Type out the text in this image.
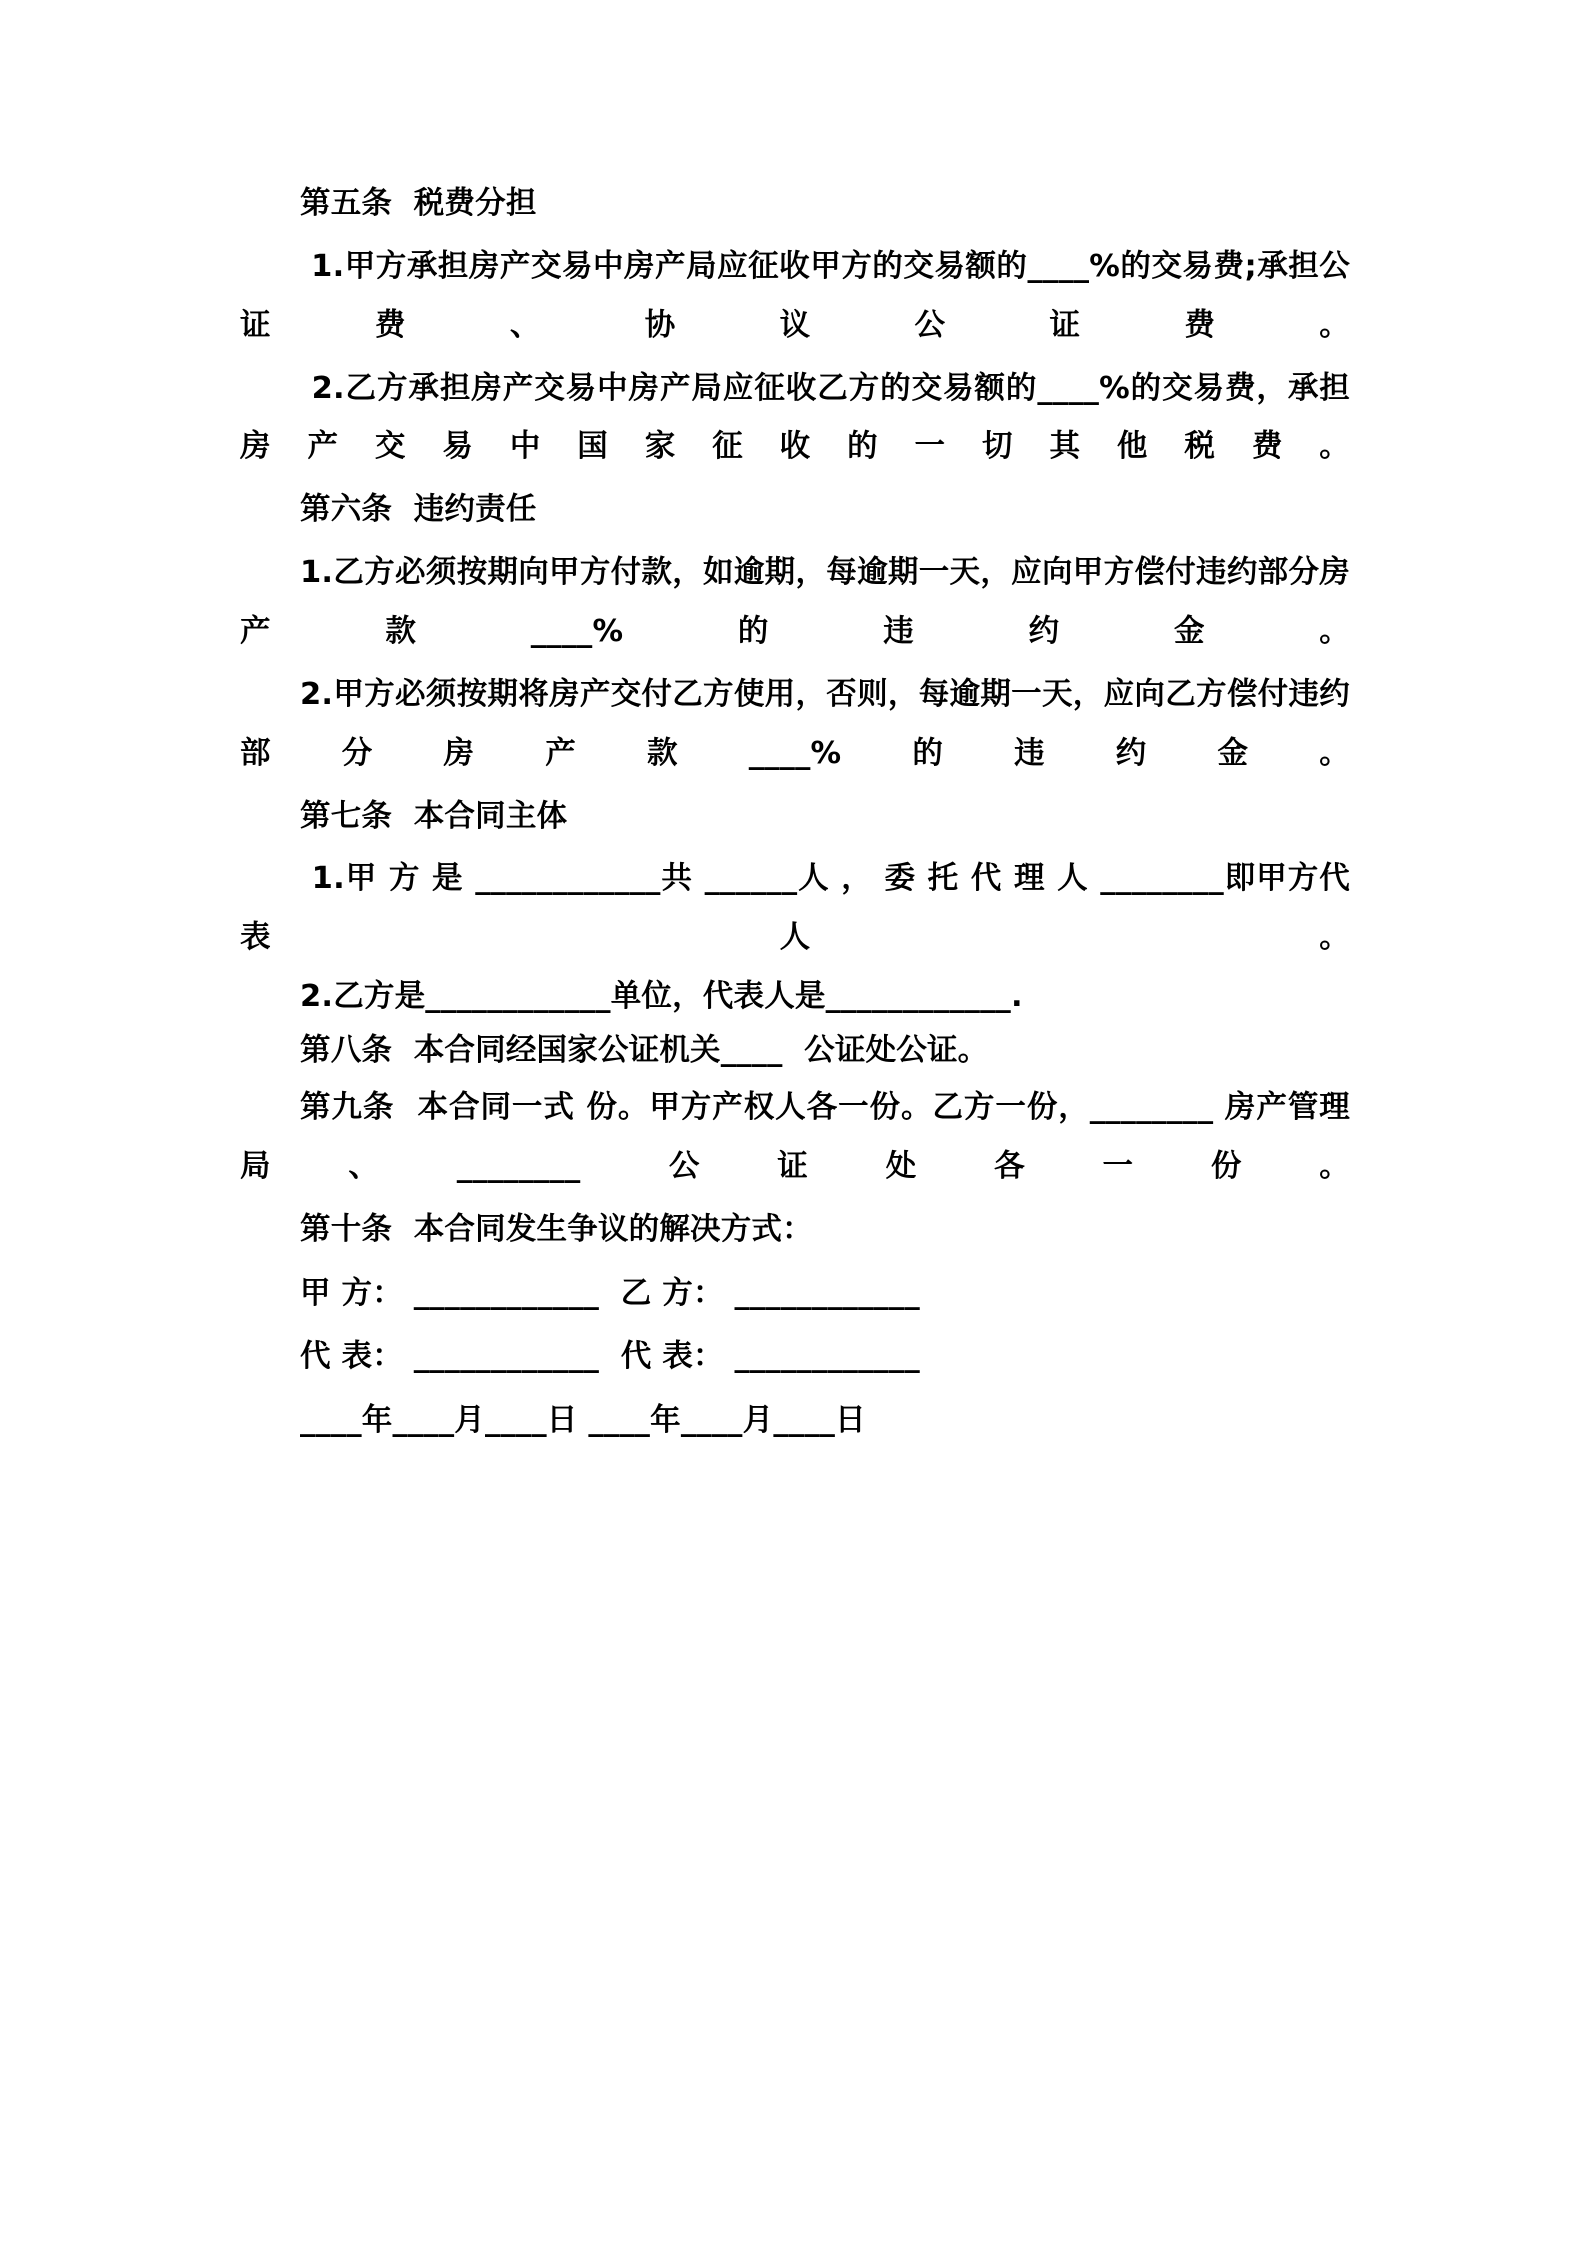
第五条  税费分担

1.甲方承担房产交易中房产局应征收甲方的交易额的____%的交易费;承担公证费、协议公证费。

2.乙方承担房产交易中房产局应征收乙方的交易额的____%的交易费，承担房产交易中国家征收的一切其他税费。

第六条  违约责任

1.乙方必须按期向甲方付款，如逾期，每逾期一天，应向甲方偿付违约部分房产款____%的违约金。

2.甲方必须按期将房产交付乙方使用，否则，每逾期一天，应向乙方偿付违约部分房产款____%的违约金。

第七条  本合同主体

1.甲 方 是 ____________共 ______人 ， 委 托 代 理 人 ________即甲方代表人。

2.乙方是____________单位，代表人是____________.

第八条  本合同经国家公证机关____  公证处公证。

第九条  本合同一式 份。甲方产权人各一份。乙方一份，________ 房产管理局、________ 公证处各一份。

第十条  本合同发生争议的解决方式：

甲 方： ____________  乙 方： ____________

代 表： ____________  代 表： ____________

____年____月____日 ____年____月____日
